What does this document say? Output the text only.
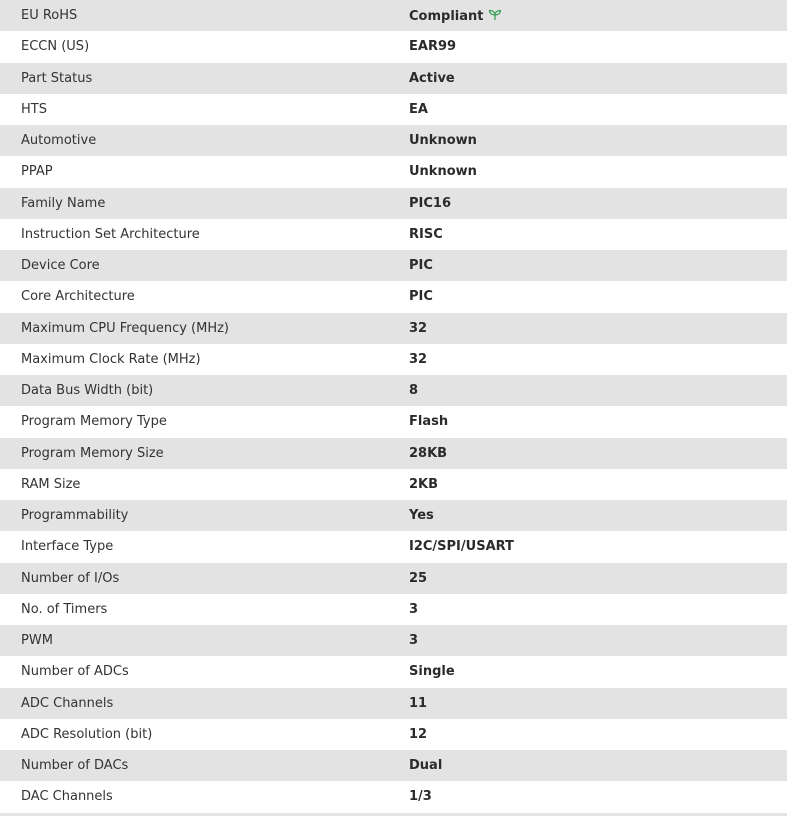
EU RoHS	Compliant
ECCN (US)	EAR99
Part Status	Active
HTS	EA
Automotive	Unknown
PPAP	Unknown
Family Name	PIC16
Instruction Set Architecture	RISC
Device Core	PIC
Core Architecture	PIC
Maximum CPU Frequency (MHz)	32
Maximum Clock Rate (MHz)	32
Data Bus Width (bit)	8
Program Memory Type	Flash
Program Memory Size	28KB
RAM Size	2KB
Programmability	Yes
Interface Type	I2C/SPI/USART
Number of I/Os	25
No. of Timers	3
PWM	3
Number of ADCs	Single
ADC Channels	11
ADC Resolution (bit)	12
Number of DACs	Dual
DAC Channels	1/3
